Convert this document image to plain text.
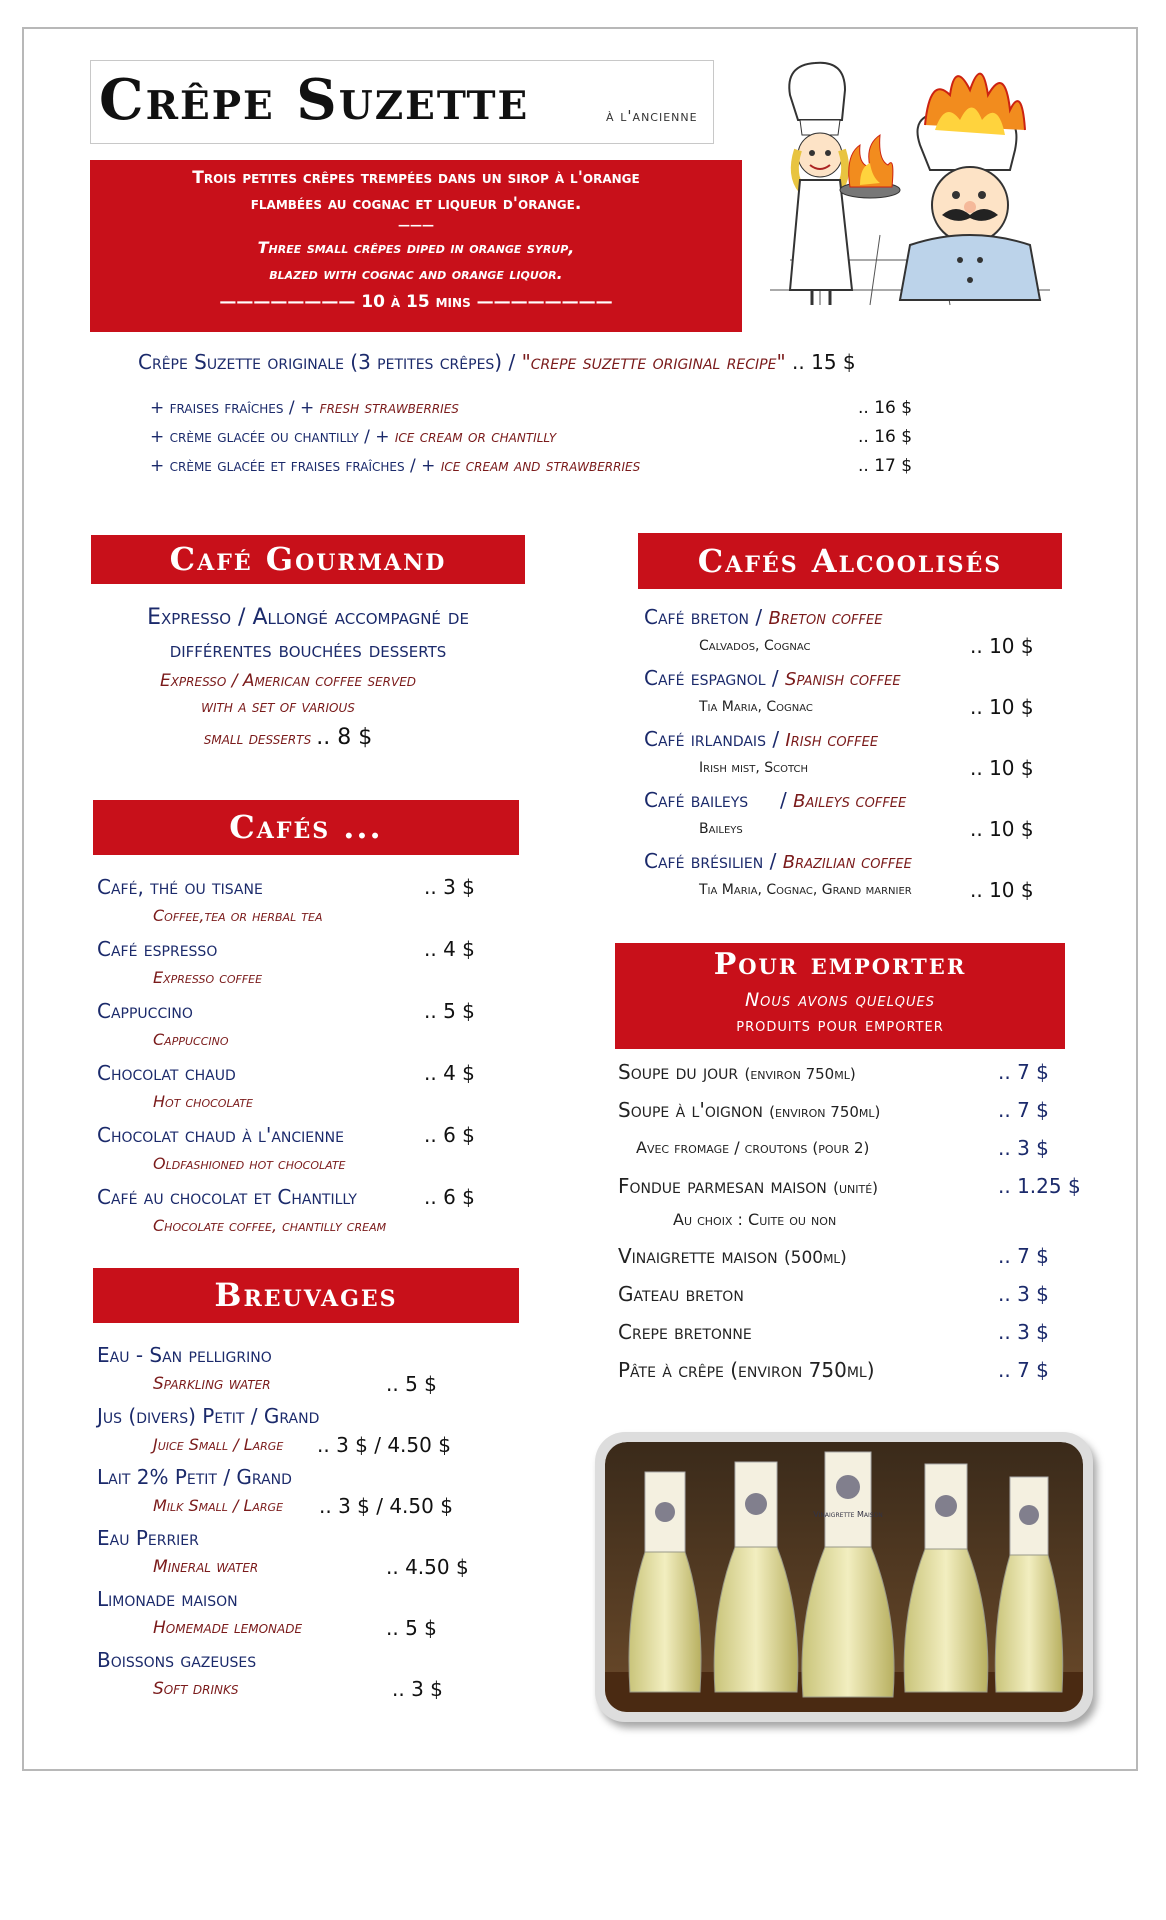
Crêpe Suzette	à l'ancienne
Trois petites crêpes trempées dans un sirop à l'orange
flambées au cognac et liqueur d'orange.
———
Three small crêpes diped in orange syrup,
blazed with cognac and orange liquor.
———————— 10 à 15 mins ————————
Crêpe Suzette originale (3 petites crêpes) / "crepe suzette original recipe" .. 15 $
+ fraises fraîches / + fresh strawberries	.. 16 $
+ crème glacée ou chantilly / + ice cream or chantilly	.. 16 $
+ crème glacée et fraises fraîches / + ice cream and strawberries	.. 17 $
Café Gourmand
Expresso / Allongé accompagné de
différentes bouchées desserts
Expresso / American coffee served
with a set of various
small desserts .. 8 $
Cafés ...
Café, thé ou tisane	.. 3 $
Coffee,tea or herbal tea
Café espresso	.. 4 $
Expresso coffee
Cappuccino	.. 5 $
Cappuccino
Chocolat chaud	.. 4 $
Hot chocolate
Chocolat chaud à l'ancienne	.. 6 $
Oldfashioned hot chocolate
Café au chocolat et Chantilly	.. 6 $
Chocolate coffee, chantilly cream
Breuvages
Eau - San pelligrino
Sparkling water	.. 5 $
Jus (divers) Petit / Grand
Juice Small / Large .. 3 $ / 4.50 $
Lait 2% Petit / Grand
Milk Small / Large .. 3 $ / 4.50 $
Eau Perrier
Mineral water	.. 4.50 $
Limonade maison
Homemade lemonade	.. 5 $
Boissons gazeuses
Soft drinks	.. 3 $
Cafés Alcoolisés
Café breton / Breton coffee
Calvados, Cognac	.. 10 $
Café espagnol / Spanish coffee
Tia Maria, Cognac	.. 10 $
Café irlandais / Irish coffee
Irish mist, Scotch	.. 10 $
Café baileys     / Baileys coffee
Baileys	.. 10 $
Café brésilien / Brazilian coffee
Tia Maria, Cognac, Grand marnier	.. 10 $
Pour emporter
Nous avons quelques
produits pour emporter
Soupe du jour (environ 750ml)	.. 7 $
Soupe à l'oignon (environ 750ml)	.. 7 $
Avec fromage / croutons (pour 2)	.. 3 $
Fondue parmesan maison (unité)	.. 1.25 $
Au choix : Cuite ou non
Vinaigrette maison (500ml)	.. 7 $
Gateau breton	.. 3 $
Crepe bretonne	.. 3 $
Pâte à crêpe (environ 750ml)	.. 7 $
Vinaigrette Maison
